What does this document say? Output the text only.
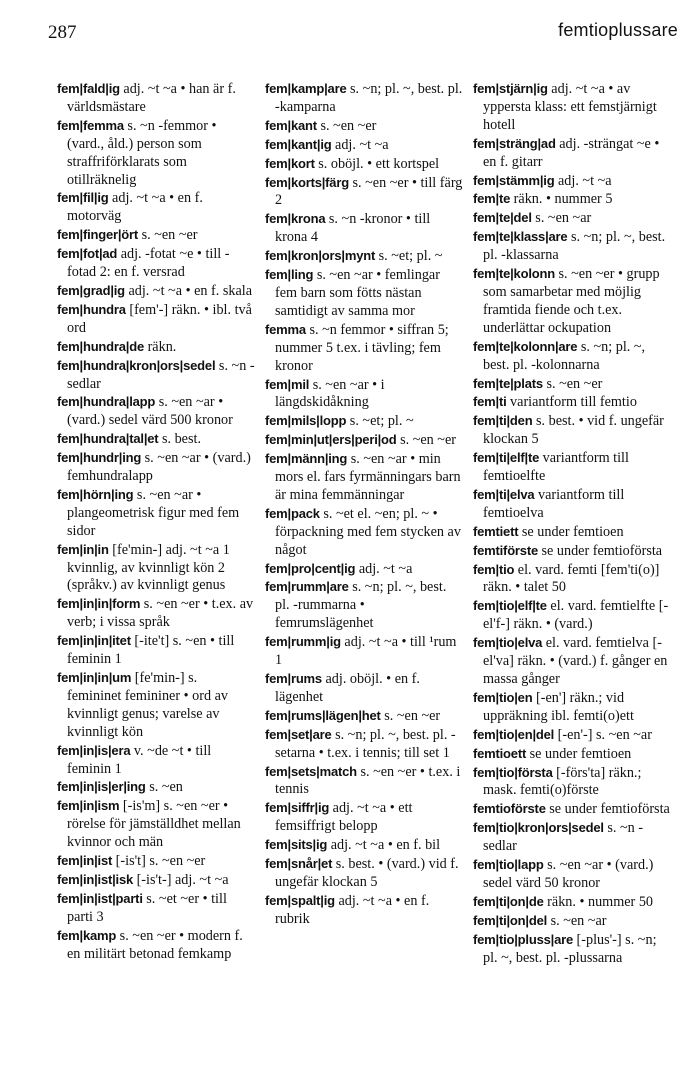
287	femtioplussare

fem|fald|ig adj. ~t ~a • han är f. världsmästare

fem|femma s. ~n -femmor • (vard., åld.) person som straffriförklarats som otillräknelig

fem|fil|ig adj. ~t ~a • en f. motorväg

fem|finger|ört s. ~en ~er

fem|fot|ad adj. -fotat ~e • till -fotad 2: en f. versrad

fem|grad|ig adj. ~t ~a • en f. skala

fem|hundra [fem'-] räkn. • ibl. två ord

fem|hundra|de räkn.

fem|hundra|kron|ors|sedel s. ~n -sedlar

fem|hundra|lapp s. ~en ~ar • (vard.) sedel värd 500 kronor

fem|hundra|tal|et s. best.

fem|hundr|ing s. ~en ~ar • (vard.) femhundralapp

fem|hörn|ing s. ~en ~ar • plangeometrisk figur med fem sidor

fem|in|in [fe'min-] adj. ~t ~a 1 kvinnlig, av kvinnligt kön 2 (språkv.) av kvinnligt genus

fem|in|in|form s. ~en ~er • t.ex. av verb; i vissa språk

fem|in|in|itet [-ite't] s. ~en • till feminin 1

fem|in|in|um [fe'min-] s. femininet femininer • ord av kvinnligt genus; varelse av kvinnligt kön

fem|in|is|era v. ~de ~t • till feminin 1

fem|in|is|er|ing s. ~en

fem|in|ism [-is'm] s. ~en ~er • rörelse för jämställdhet mellan kvinnor och män

fem|in|ist [-is't] s. ~en ~er

fem|in|ist|isk [-is't-] adj. ~t ~a

fem|in|ist|parti s. ~et ~er • till parti 3

fem|kamp s. ~en ~er • modern f. en militärt betonad femkamp

fem|kamp|are s. ~n; pl. ~, best. pl. -kamparna

fem|kant s. ~en ~er

fem|kant|ig adj. ~t ~a

fem|kort s. oböjl. • ett kortspel

fem|korts|färg s. ~en ~er • till färg 2

fem|krona s. ~n -kronor • till krona 4

fem|kron|ors|mynt s. ~et; pl. ~

fem|ling s. ~en ~ar • femlingar fem barn som fötts nästan samtidigt av samma mor

femma s. ~n femmor • siffran 5; nummer 5 t.ex. i tävling; fem kronor

fem|mil s. ~en ~ar • i längdskidåkning

fem|mils|lopp s. ~et; pl. ~

fem|min|ut|ers|peri|od s. ~en ~er

fem|männ|ing s. ~en ~ar • min mors el. fars fyrmänningars barn är mina femmänningar

fem|pack s. ~et el. ~en; pl. ~ • förpackning med fem stycken av något

fem|pro|cent|ig adj. ~t ~a

fem|rumm|are s. ~n; pl. ~, best. pl. -rummarna • femrumslägenhet

fem|rumm|ig adj. ~t ~a • till ¹rum 1

fem|rums adj. oböjl. • en f. lägenhet

fem|rums|lägen|het s. ~en ~er

fem|set|are s. ~n; pl. ~, best. pl. -setarna • t.ex. i tennis; till set 1

fem|sets|match s. ~en ~er • t.ex. i tennis

fem|siffr|ig adj. ~t ~a • ett femsiffrigt belopp

fem|sits|ig adj. ~t ~a • en f. bil

fem|snår|et s. best. • (vard.) vid f. ungefär klockan 5

fem|spalt|ig adj. ~t ~a • en f. rubrik

fem|stjärn|ig adj. ~t ~a • av yppersta klass: ett femstjärnigt hotell

fem|sträng|ad adj. -strängat ~e • en f. gitarr

fem|stämm|ig adj. ~t ~a

fem|te räkn. • nummer 5

fem|te|del s. ~en ~ar

fem|te|klass|are s. ~n; pl. ~, best. pl. -klassarna

fem|te|kolonn s. ~en ~er • grupp som samarbetar med möjlig framtida fiende och t.ex. underlättar ockupation

fem|te|kolonn|are s. ~n; pl. ~, best. pl. -kolonnarna

fem|te|plats s. ~en ~er

fem|ti variantform till femtio

fem|ti|den s. best. • vid f. ungefär klockan 5

fem|ti|elf|te variantform till femtioelfte

fem|ti|elva variantform till femtioelva

femtiett se under femtioen

femtiförste se under femtioförsta

fem|tio el. vard. femti [fem'ti(o)] räkn. • talet 50

fem|tio|elf|te el. vard. femtielfte [-el'f-] räkn. • (vard.)

fem|tio|elva el. vard. femtielva [-el'va] räkn. • (vard.) f. gånger en massa gånger

fem|tio|en [-en'] räkn.; vid uppräkning ibl. femti(o)ett

fem|tio|en|del [-en'-] s. ~en ~ar

femtioett se under femtioen

fem|tio|första [-förs'ta] räkn.; mask. femti(o)förste

femtioförste se under femtioförsta

fem|tio|kron|ors|sedel s. ~n -sedlar

fem|tio|lapp s. ~en ~ar • (vard.) sedel värd 50 kronor

fem|ti|on|de räkn. • nummer 50

fem|ti|on|del s. ~en ~ar

fem|tio|pluss|are [-plus'-] s. ~n; pl. ~, best. pl. -plussarna
